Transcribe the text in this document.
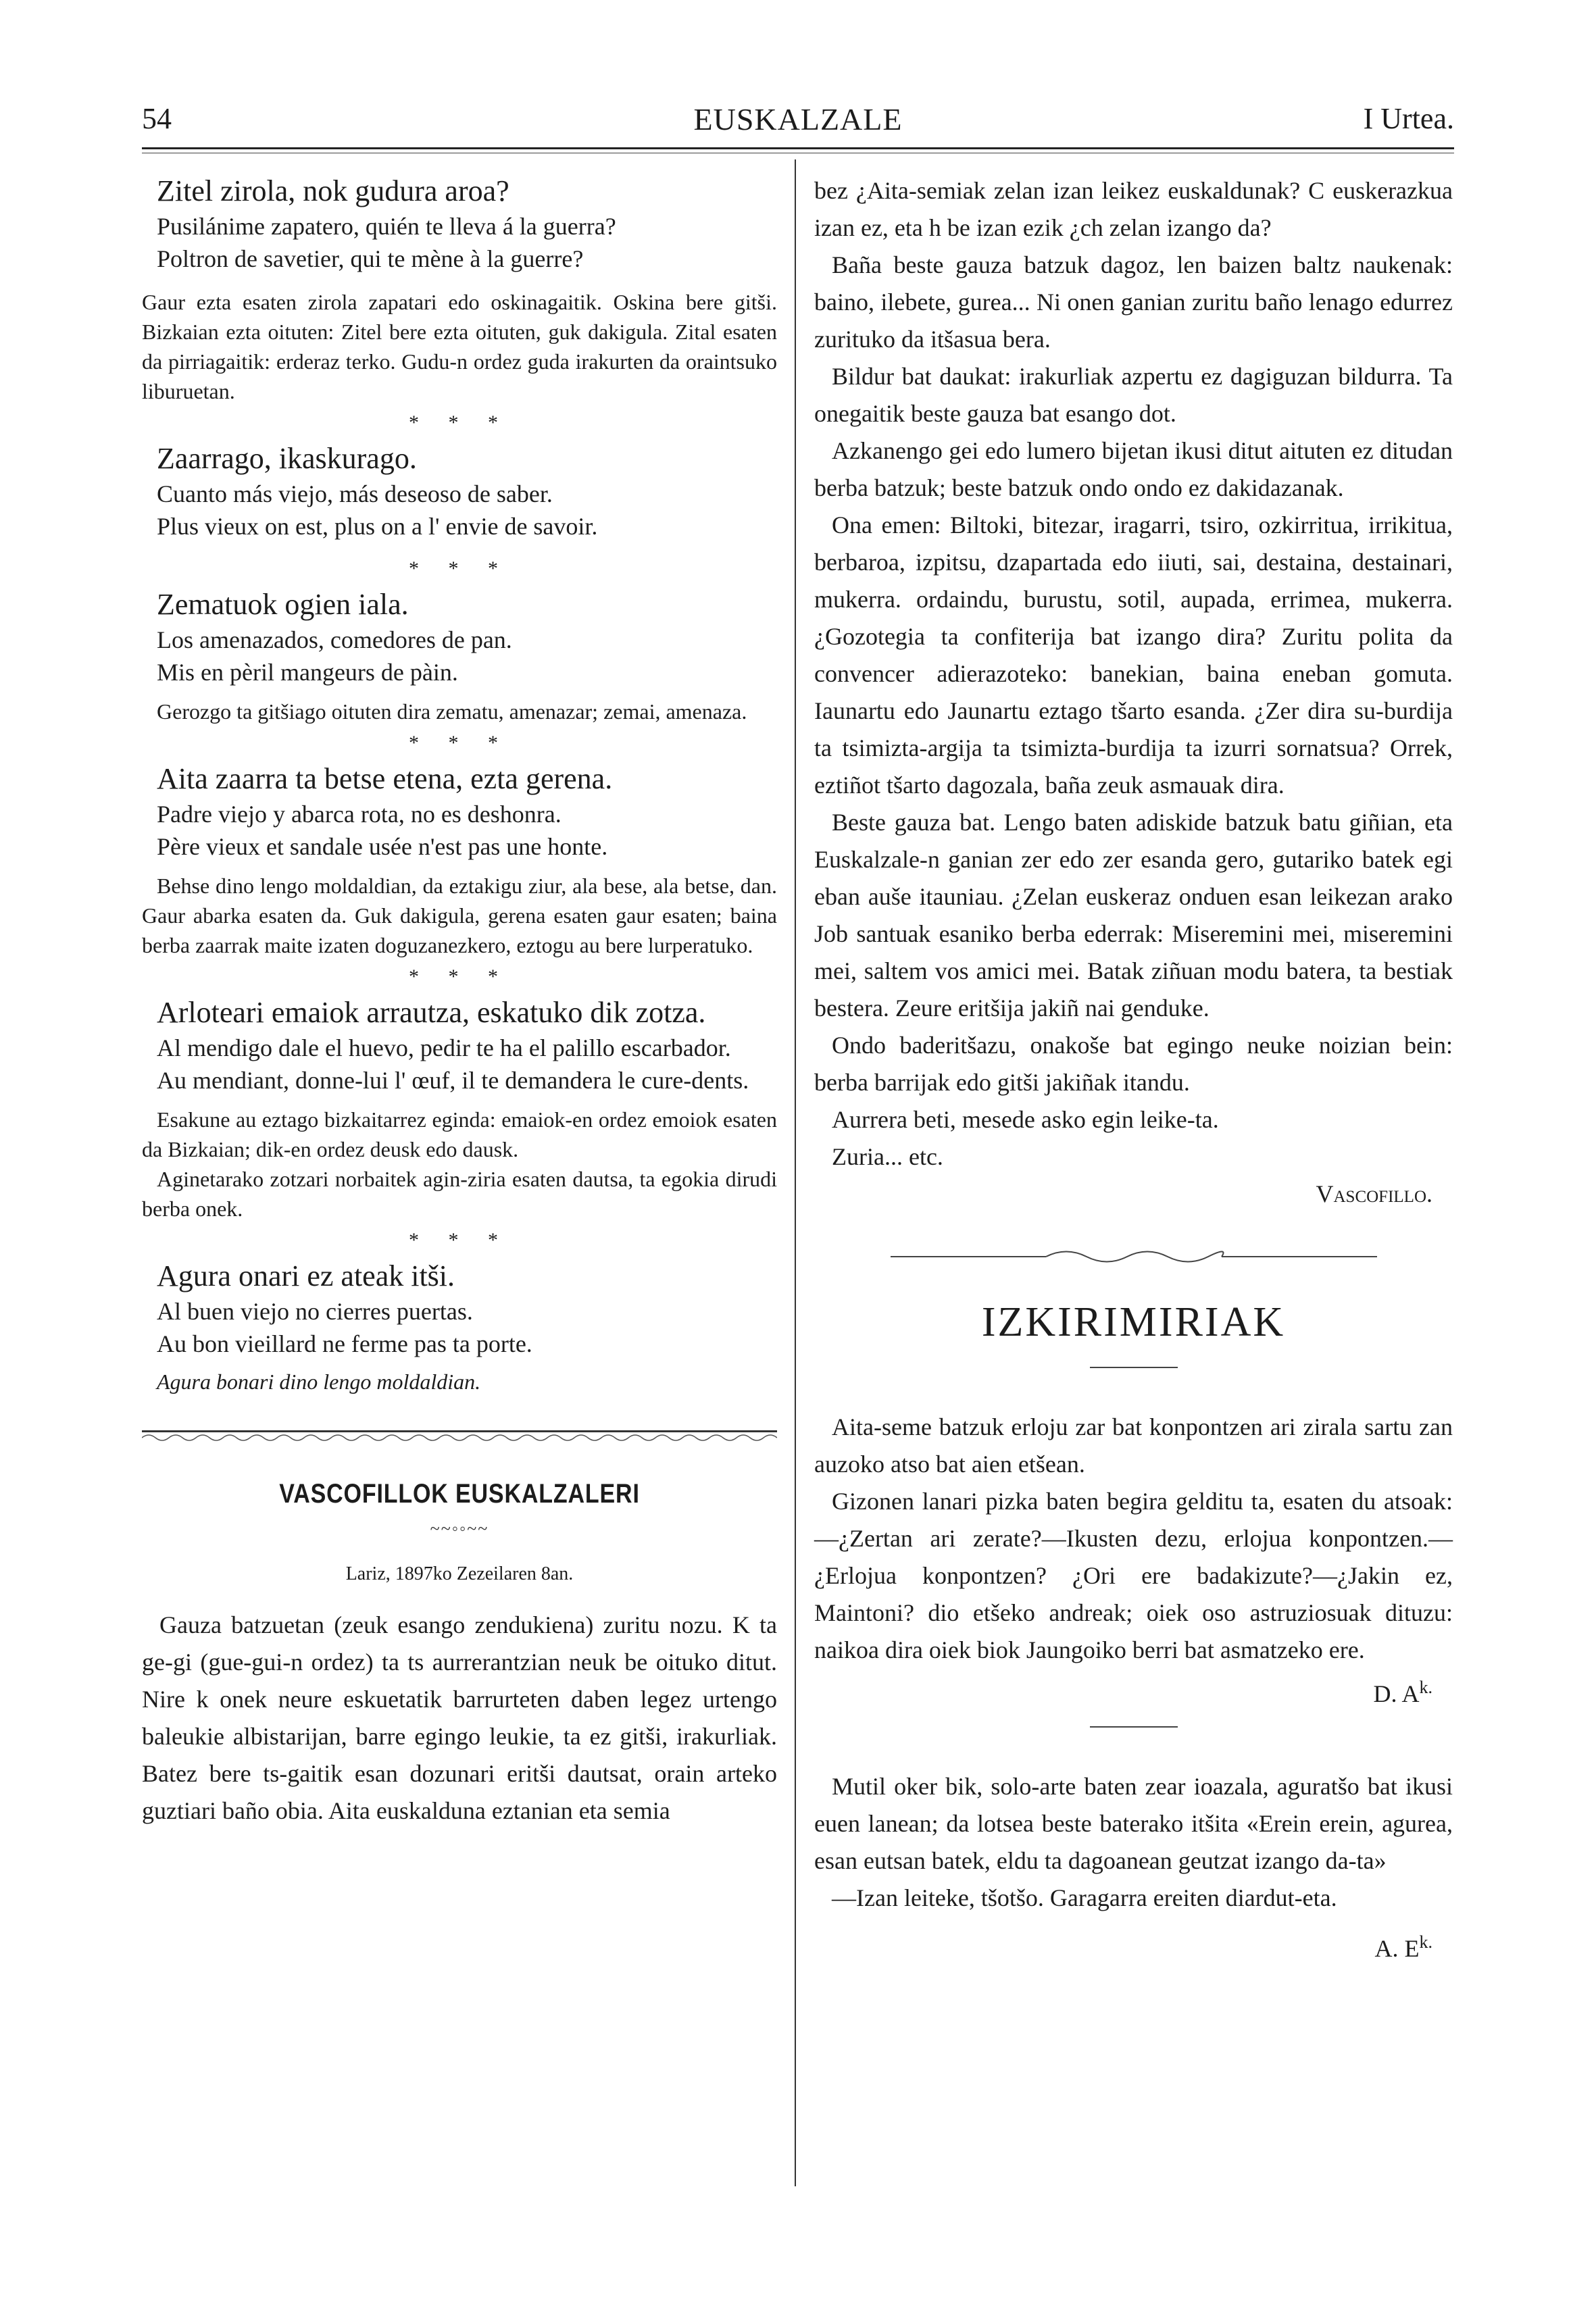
54	EUSKALZALE	I Urtea.

Zitel zirola, nok gudura aroa?

Pusilánime zapatero, quién te lleva á la guerra?

Poltron de savetier, qui te mène à la guerre?

Gaur ezta esaten zirola zapatari edo oskinagaitik. Oskina bere gitši. Bizkaian ezta oituten: Zitel bere ezta oituten, guk dakigula. Zital esaten da pirriagaitik: erderaz terko. Gudu-n ordez guda irakurten da oraintsuko liburuetan.

* * *

Zaarrago, ikaskurago.

Cuanto más viejo, más deseoso de saber.

Plus vieux on est, plus on a l' envie de savoir.

* * *

Zematuok ogien iala.

Los amenazados, comedores de pan.

Mis en pèril mangeurs de pàin.

Gerozgo ta gitšiago oituten dira zematu, amenazar; zemai, amenaza.

* * *

Aita zaarra ta betse etena, ezta gerena.

Padre viejo y abarca rota, no es deshonra.

Père vieux et sandale usée n'est pas une honte.

Behse dino lengo moldaldian, da eztakigu ziur, ala bese, ala betse, dan. Gaur abarka esaten da. Guk dakigula, gerena esaten gaur esaten; baina berba zaarrak maite izaten doguzanezkero, eztogu au bere lurperatuko.

* * *

Arloteari emaiok arrautza, eskatuko dik zotza.

Al mendigo dale el huevo, pedir te ha el palillo escarbador.

Au mendiant, donne-lui l' œuf, il te demandera le cure-dents.

Esakune au eztago bizkaitarrez eginda: emaiok-en ordez emoiok esaten da Bizkaian; dik-en ordez deusk edo dausk.

Aginetarako zotzari norbaitek agin-ziria esaten dautsa, ta egokia dirudi berba onek.

* * *

Agura onari ez ateak itši.

Al buen viejo no cierres puertas.

Au bon vieillard ne ferme pas ta porte.

Agura bonari dino lengo moldaldian.

VASCOFILLOK EUSKALZALERI
~~◦◦~~
Lariz, 1897ko Zezeilaren 8an.

Gauza batzuetan (zeuk esango zendukiena) zuritu nozu. K ta ge-gi (gue-gui-n ordez) ta ts aurrerantzian neuk be oituko ditut. Nire k onek neure eskuetatik barrurteten daben legez urtengo baleukie albistarijan, barre egingo leukie, ta ez gitši, irakurliak. Batez bere ts-gaitik esan dozunari eritši dautsat, orain arteko guztiari baño obia. Aita euskalduna eztanian eta semia

bez ¿Aita-semiak zelan izan leikez euskaldunak? C euskerazkua izan ez, eta h be izan ezik ¿ch zelan izango da?

Baña beste gauza batzuk dagoz, len baizen baltz naukenak: baino, ilebete, gurea... Ni onen ganian zuritu baño lenago edurrez zurituko da itšasua bera.

Bildur bat daukat: irakurliak azpertu ez dagiguzan bildurra. Ta onegaitik beste gauza bat esango dot.

Azkanengo gei edo lumero bijetan ikusi ditut aituten ez ditudan berba batzuk; beste batzuk ondo ondo ez dakidazanak.

Ona emen: Biltoki, bitezar, iragarri, tsiro, ozkirritua, irrikitua, berbaroa, izpitsu, dzapartada edo iiuti, sai, destaina, destainari, mukerra. ordaindu, burustu, sotil, aupada, errimea, mukerra. ¿Gozotegia ta confiterija bat izango dira? Zuritu polita da convencer adierazoteko: banekian, baina eneban gomuta. Iaunartu edo Jaunartu eztago tšarto esanda. ¿Zer dira su-burdija ta tsimizta-argija ta tsimizta-burdija ta izurri sornatsua? Orrek, eztiñot tšarto dagozala, baña zeuk asmauak dira.

Beste gauza bat. Lengo baten adiskide batzuk batu giñian, eta Euskalzale-n ganian zer edo zer esanda gero, gutariko batek egi eban auše itauniau. ¿Zelan euskeraz onduen esan leikezan arako Job santuak esaniko berba ederrak: Miseremini mei, miseremini mei, saltem vos amici mei. Batak ziñuan modu batera, ta bestiak bestera. Zeure eritšija jakiñ nai genduke.

Ondo baderitšazu, onakoše bat egingo neuke noizian bein: berba barrijak edo gitši jakiñak itandu.

Aurrera beti, mesede asko egin leike-ta.

Zuria... etc.

Vascofillo.

IZKIRIMIRIAK

Aita-seme batzuk erloju zar bat konpontzen ari ziralа sartu zan auzoko atso bat aien etšean.

Gizonen lanari pizka baten begira gelditu ta, esaten du atsoak:—¿Zertan ari zerate?—Ikusten dezu, erlojua konpontzen.—¿Erlojua konpontzen? ¿Ori ere badakizute?—¿Jakin ez, Maintoni? dio etšeko andreak; oiek oso astruziosuak dituzu: naikoa dira oiek biok Jaungoiko berri bat asmatzeko ere.

D. $A^{k.}$

Mutil oker bik, solo-arte baten zear ioazala, aguratšo bat ikusi euen lanean; da lotsea beste baterako itšita «Erein erein, agurea, esan eutsan batek, eldu ta dagoanean geutzat izango da-ta»

—Izan leiteke, tšotšo. Garagarra ereiten diardut-eta.

A. $E^{k.}$
